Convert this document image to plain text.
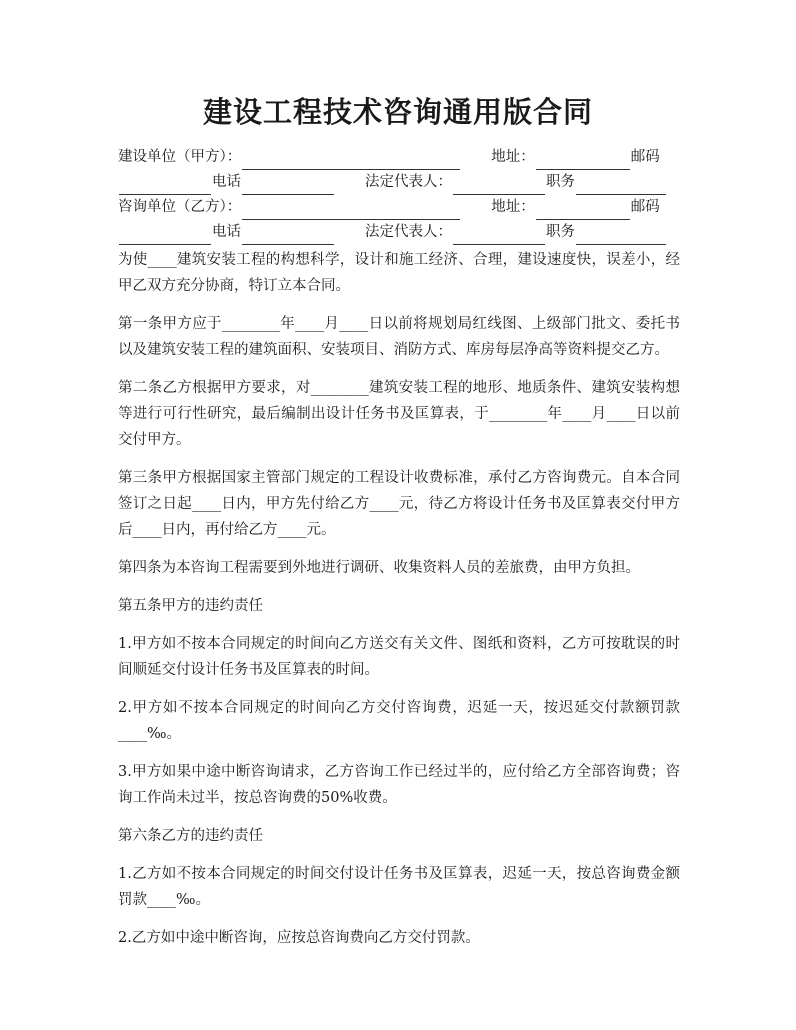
建设工程技术咨询通用版合同
建设单位（甲方）：	地址：	邮码
电话	法定代表人：	职务
咨询单位（乙方）：	地址：	邮码
电话	法定代表人：	职务

为使____建筑安装工程的构想科学，设计和施工经济、合理，建设速度快，误差小，经甲乙双方充分协商，特订立本合同。

第一条甲方应于________年____月____日以前将规划局红线图、上级部门批文、委托书以及建筑安装工程的建筑面积、安装项目、消防方式、库房每层净高等资料提交乙方。

第二条乙方根据甲方要求，对________建筑安装工程的地形、地质条件、建筑安装构想等进行可行性研究，最后编制出设计任务书及匡算表，于________年____月____日以前交付甲方。

第三条甲方根据国家主管部门规定的工程设计收费标准，承付乙方咨询费元。自本合同签订之日起____日内，甲方先付给乙方____元，待乙方将设计任务书及匡算表交付甲方后____日内，再付给乙方____元。

第四条为本咨询工程需要到外地进行调研、收集资料人员的差旅费，由甲方负担。

第五条甲方的违约责任

1.甲方如不按本合同规定的时间向乙方送交有关文件、图纸和资料，乙方可按耽误的时间顺延交付设计任务书及匡算表的时间。

2.甲方如不按本合同规定的时间向乙方交付咨询费，迟延一天，按迟延交付款额罚款____‰。

3.甲方如果中途中断咨询请求，乙方咨询工作已经过半的，应付给乙方全部咨询费；咨询工作尚未过半，按总咨询费的50%收费。

第六条乙方的违约责任

1.乙方如不按本合同规定的时间交付设计任务书及匡算表，迟延一天，按总咨询费金额罚款____‰。

2.乙方如中途中断咨询，应按总咨询费向乙方交付罚款。
